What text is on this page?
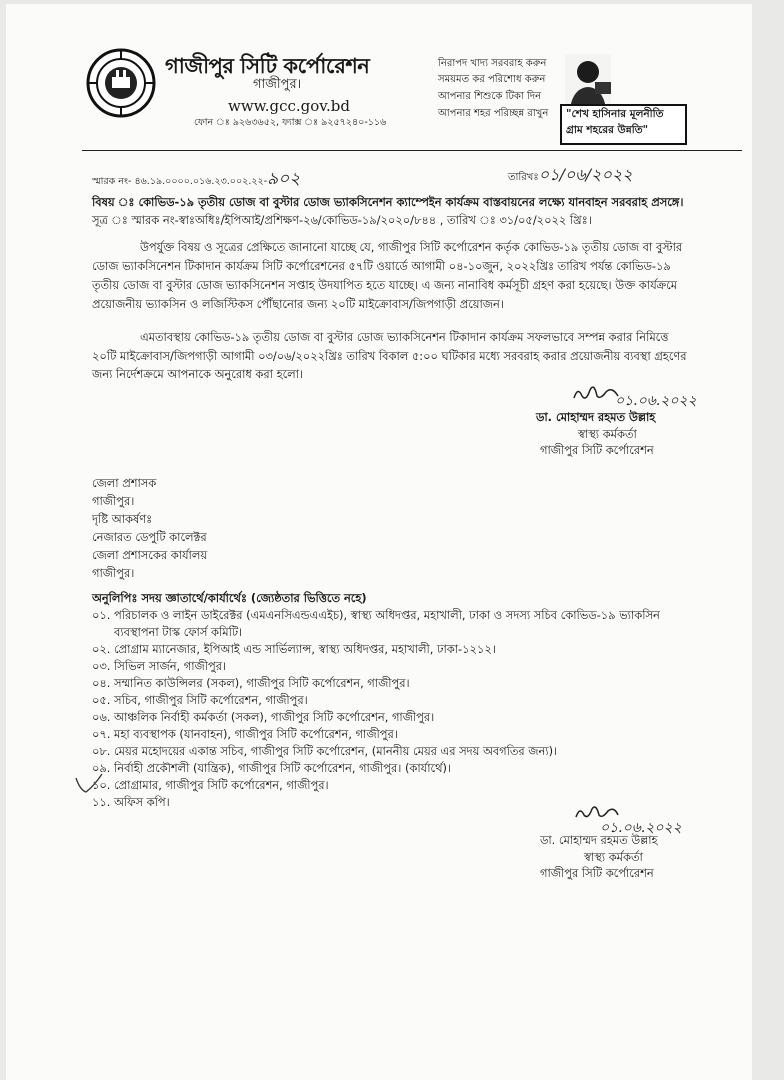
গাজীপুর সিটি কর্পোরেশন
গাজীপুর।
www.gcc.gov.bd
ফোন ঃ ৯২৬৩৬৫২, ফ্যাক্স ঃ ৯২৫৭২৪০-১১৬
নিরাপদ খাদ্য সরবরাহ করুন
সময়মত কর পরিশোধ করুন
আপনার শিশুকে টিকা দিন
আপনার শহর পরিচ্ছন্ন রাখুন "শেখ হাসিনার মূলনীতি
গ্রাম শহরের উন্নতি"
স্মারক নং- ৪৬.১৯.০০০০.০১৬.২৩.০০২.২২-৯০২	তারিখঃ০১/০৬/২০২২
বিষয় ঃ কোভিড-১৯ তৃতীয় ডোজ বা বুস্টার ডোজ ভ্যাকসিনেশন ক্যাম্পেইন কার্যক্রম বাস্তবায়নের লক্ষ্যে যানবাহন সরবরাহ প্রসঙ্গে।
সূত্র ঃ স্মারক নং-স্বাঃঅধিঃ/ইপিআই/প্রশিক্ষণ-২৬/কোভিড-১৯/২০২০/৮৪৪ , তারিখ ঃ ৩১/০৫/২০২২ খ্রিঃ।
উপর্যুক্ত বিষয় ও সূত্রের প্রেক্ষিতে জানানো যাচ্ছে যে, গাজীপুর সিটি কর্পোরেশন কর্তৃক কোভিড-১৯ তৃতীয় ডোজ বা বুস্টার
ডোজ ভ্যাকসিনেশন টিকাদান কার্যক্রম সিটি কর্পোরেশনের ৫৭টি ওয়ার্ডে আগামী ০৪-১০জুন, ২০২২খ্রিঃ তারিখ পর্যন্ত কোভিড-১৯
তৃতীয় ডোজ বা বুস্টার ডোজ ভ্যাকসিনেশন সপ্তাহ উদযাপিত হতে যাচ্ছে। এ জন্য নানাবিধ কর্মসূচী গ্রহণ করা হয়েছে। উক্ত কার্যক্রমে
প্রয়োজনীয় ভ্যাকসিন ও লজিস্টিকস পৌঁছানোর জন্য ২০টি মাইক্রোবাস/জিপগাড়ী প্রয়োজন।
এমতাবস্থায় কোভিড-১৯ তৃতীয় ডোজ বা বুস্টার ডোজ ভ্যাকসিনেশন টিকাদান কার্যক্রম সফলভাবে সম্পন্ন করার নিমিত্তে
২০টি মাইক্রোবাস/জিপগাড়ী আগামী ০৩/০৬/২০২২খ্রিঃ তারিখ বিকাল ৫:০০ ঘটিকার মধ্যে সরবরাহ করার প্রয়োজনীয় ব্যবস্থা গ্রহণের
জন্য নির্দেশক্রমে আপনাকে অনুরোধ করা হলো।
০১.০৬.২০২২
ডা. মোহাম্মদ রহমত উল্লাহ
স্বাস্থ্য কর্মকর্তা
গাজীপুর সিটি কর্পোরেশন
জেলা প্রশাসক
গাজীপুর।
দৃষ্টি আকর্ষণঃ
নেজারত ডেপুটি কালেক্টর
জেলা প্রশাসকের কার্যালয়
গাজীপুর।
অনুলিপিঃ সদয় জ্ঞাতার্থে/কার্যার্থেঃ (জ্যেষ্ঠতার ভিত্তিতে নহে)
০১. পরিচালক ও লাইন ডাইরেক্টর (এমএনসিএন্ডএএইচ), স্বাস্থ্য অধিদপ্তর, মহাখালী, ঢাকা ও সদস্য সচিব কোভিড-১৯ ভ্যাকসিন
ব্যবস্থাপনা টাস্ক ফোর্স কমিটি।
০২. প্রোগ্রাম ম্যানেজার, ইপিআই এন্ড সার্ভিল্যান্স, স্বাস্থ্য অধিদপ্তর, মহাখালী, ঢাকা-১২১২।
০৩. সিভিল সার্জন, গাজীপুর।
০৪. সম্মানিত কাউন্সিলর (সকল), গাজীপুর সিটি কর্পোরেশন, গাজীপুর।
০৫. সচিব, গাজীপুর সিটি কর্পোরেশন, গাজীপুর।
০৬. আঞ্চলিক নির্বাহী কর্মকর্তা (সকল), গাজীপুর সিটি কর্পোরেশন, গাজীপুর।
০৭. মহা ব্যবস্থাপক (যানবাহন), গাজীপুর সিটি কর্পোরেশন, গাজীপুর।
০৮. মেয়র মহোদয়ের একান্ত সচিব, গাজীপুর সিটি কর্পোরেশন, (মাননীয় মেয়র এর সদয় অবগতির জন্য)।
০৯. নির্বাহী প্রকৌশলী (যান্ত্রিক), গাজীপুর সিটি কর্পোরেশন, গাজীপুর। (কার্যার্থে)।
১০. প্রোগ্রামার, গাজীপুর সিটি কর্পোরেশন, গাজীপুর।
১১. অফিস কপি।
০১.০৬.২০২২
ডা. মোহাম্মদ রহমত উল্লাহ
স্বাস্থ্য কর্মকর্তা
গাজীপুর সিটি কর্পোরেশন
